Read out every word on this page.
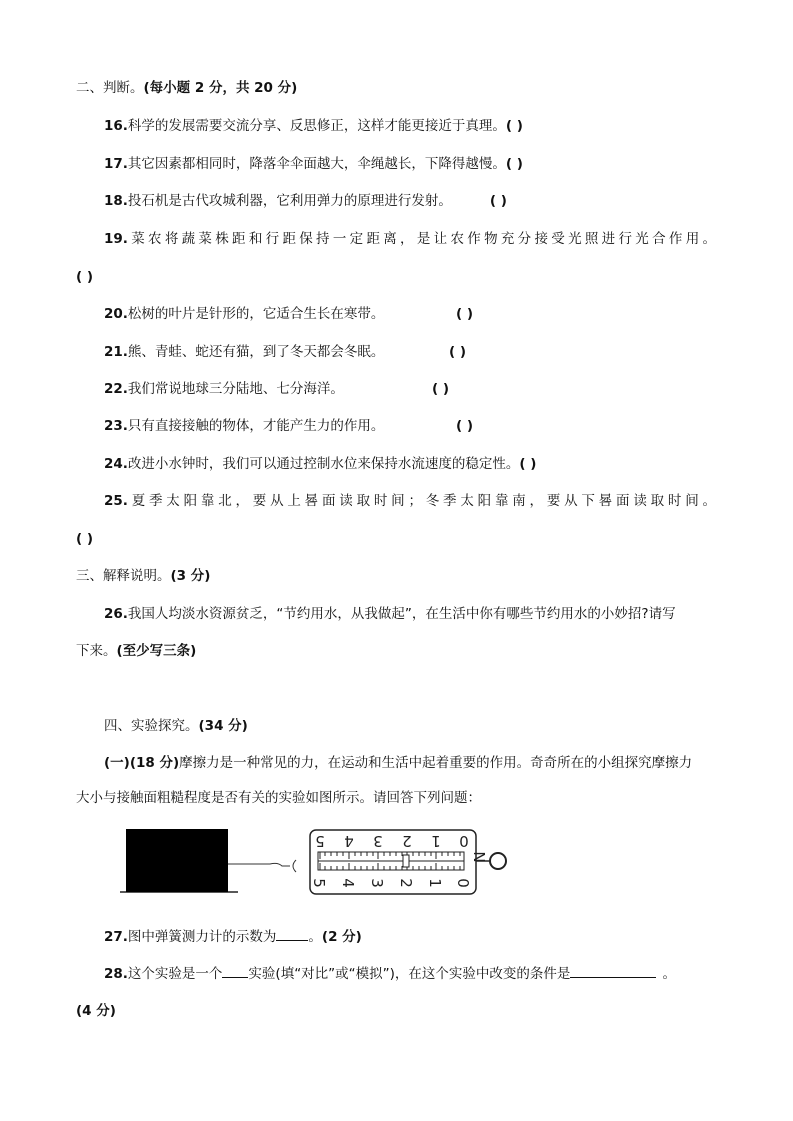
二、判断。(每小题 2 分，共 20 分)
16.科学的发展需要交流分享、反思修正，这样才能更接近于真理。( )
17.其它因素都相同时，降落伞伞面越大，伞绳越长，下降得越慢。( )
18.投石机是古代攻城利器，它利用弹力的原理进行发射。	( )
19.菜农将蔬菜株距和行距保持一定距离，是让农作物充分接受光照进行光合作用。
( )
20.松树的叶片是针形的，它适合生长在寒带。	( )
21.熊、青蛙、蛇还有猫，到了冬天都会冬眠。	( )
22.我们常说地球三分陆地、七分海洋。	( )
23.只有直接接触的物体，才能产生力的作用。	( )
24.改进小水钟时，我们可以通过控制水位来保持水流速度的稳定性。( )
25.夏季太阳靠北，要从上晷面读取时间；冬季太阳靠南，要从下晷面读取时间。
( )
三、解释说明。(3 分)
26.我国人均淡水资源贫乏，“节约用水，从我做起”，在生活中你有哪些节约用水的小妙招?请写
下来。(至少写三条)
四、实验探究。(34 分)
(一)(18 分)摩擦力是一种常见的力，在运动和生活中起着重要的作用。奇奇所在的小组探究摩擦力
大小与接触面粗糙程度是否有关的实验如图所示。请回答下列问题：
5 4 3 2 1 0
5 4 3 2 1 0
N
27.图中弹簧测力计的示数为 。(2 分)
28.这个实验是一个 实验(填“对比”或“模拟”)，在这个实验中改变的条件是	。
(4 分)
